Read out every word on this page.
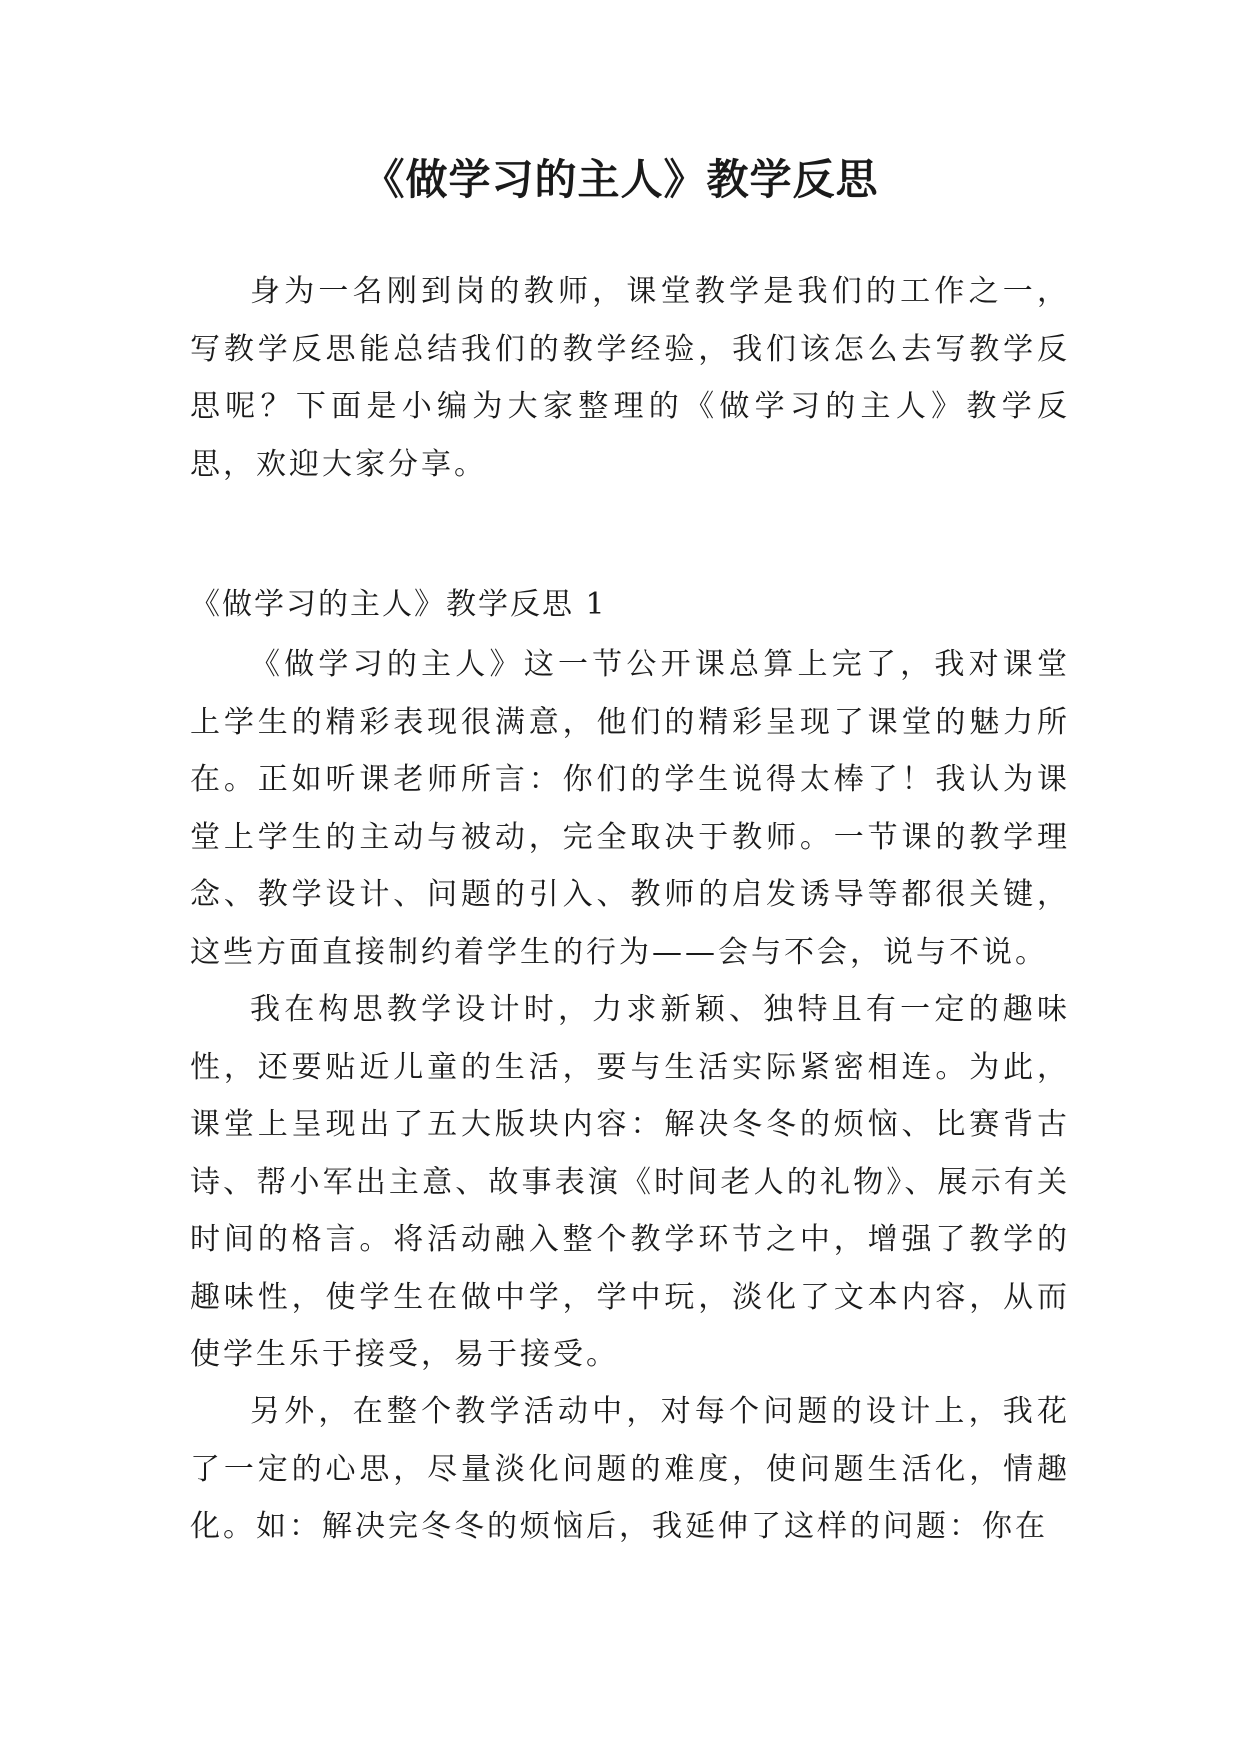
《做学习的主人》教学反思

身为一名刚到岗的教师，课堂教学是我们的工作之一，写教学反思能总结我们的教学经验，我们该怎么去写教学反思呢？下面是小编为大家整理的《做学习的主人》教学反思，欢迎大家分享。

《做学习的主人》教学反思 1

《做学习的主人》这一节公开课总算上完了，我对课堂上学生的精彩表现很满意，他们的精彩呈现了课堂的魅力所在。正如听课老师所言：你们的学生说得太棒了！我认为课堂上学生的主动与被动，完全取决于教师。一节课的教学理念、教学设计、问题的引入、教师的启发诱导等都很关键，这些方面直接制约着学生的行为——会与不会，说与不说。

我在构思教学设计时，力求新颖、独特且有一定的趣味性，还要贴近儿童的生活，要与生活实际紧密相连。为此，课堂上呈现出了五大版块内容：解决冬冬的烦恼、比赛背古诗、帮小军出主意、故事表演《时间老人的礼物》、展示有关时间的格言。将活动融入整个教学环节之中，增强了教学的趣味性，使学生在做中学，学中玩，淡化了文本内容，从而使学生乐于接受，易于接受。

另外，在整个教学活动中，对每个问题的设计上，我花了一定的心思，尽量淡化问题的难度，使问题生活化，情趣化。如：解决完冬冬的烦恼后，我延伸了这样的问题：你在
